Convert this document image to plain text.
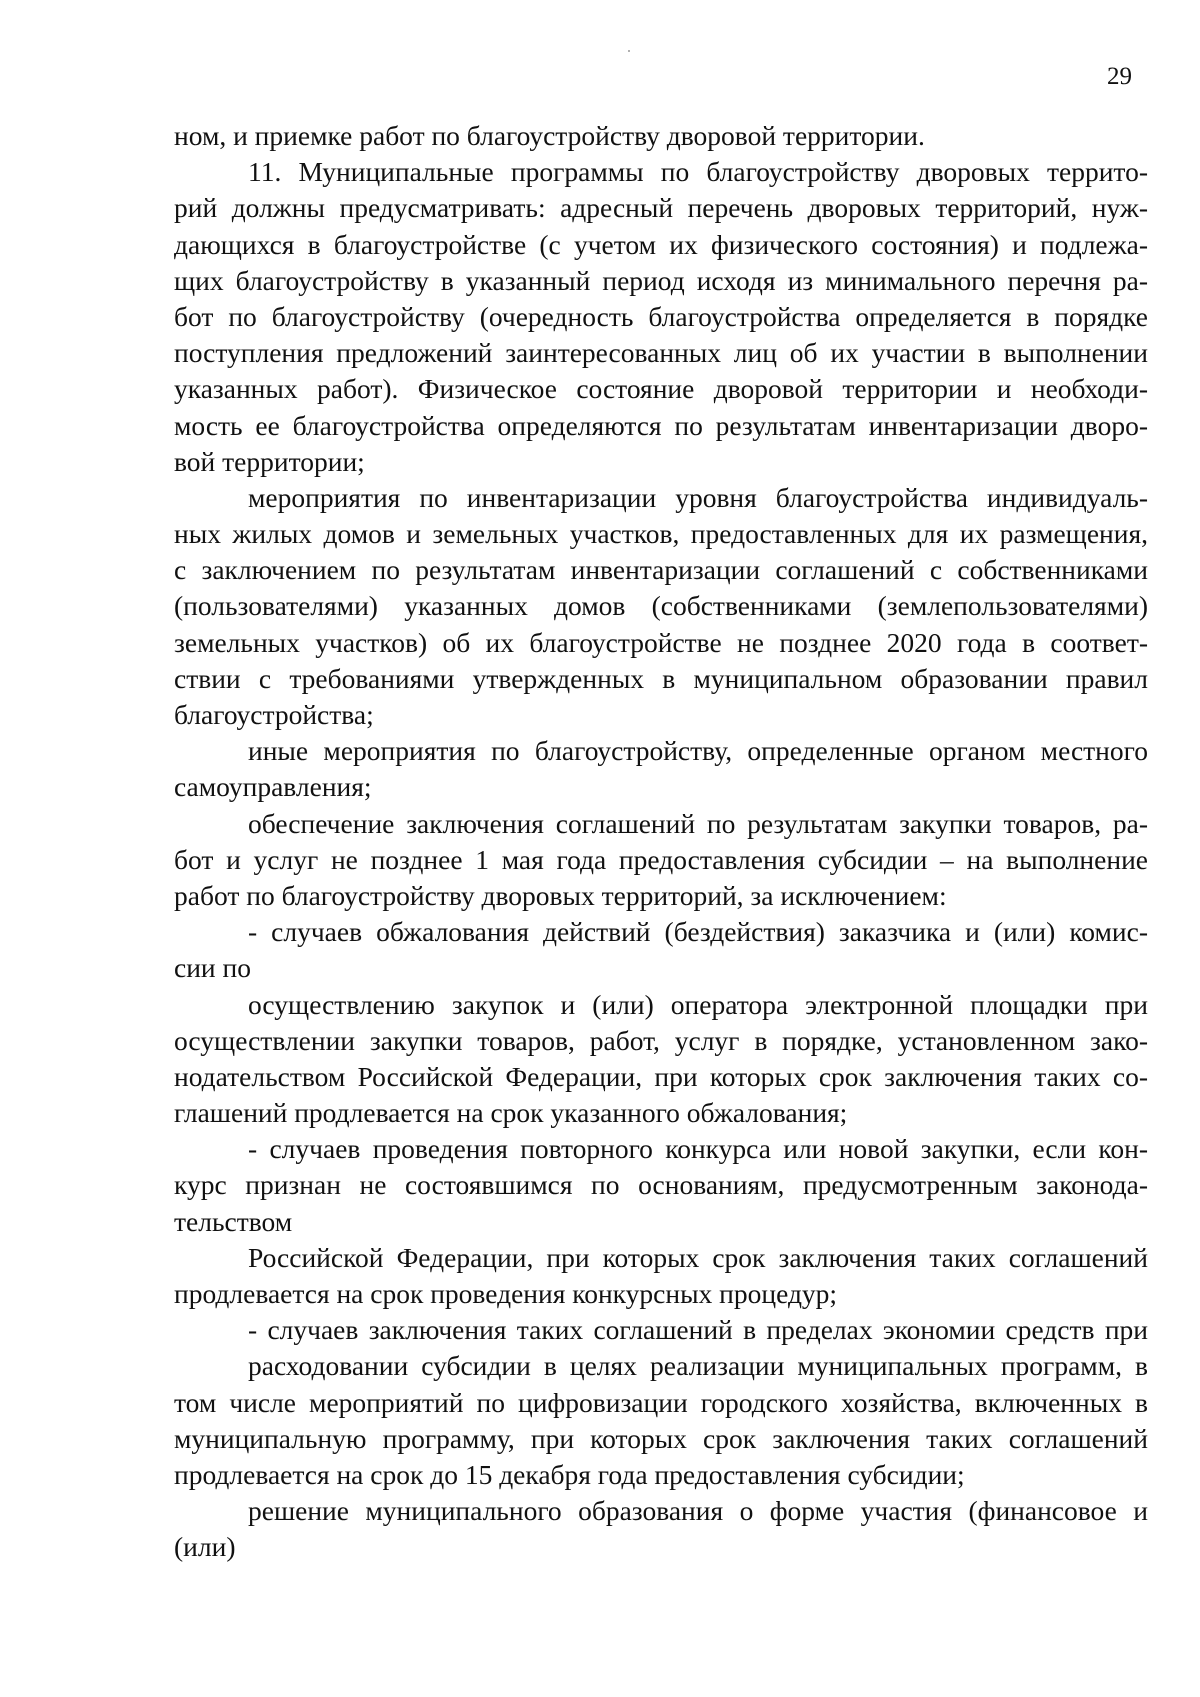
29
ном, и приемке работ по благоустройству дворовой территории.
11. Муниципальные программы по благоустройству дворовых террито-
рий должны предусматривать: адресный перечень дворовых территорий, нуж-
дающихся в благоустройстве (с учетом их физического состояния) и подлежа-
щих благоустройству в указанный период исходя из минимального перечня ра-
бот по благоустройству (очередность благоустройства определяется в порядке
поступления предложений заинтересованных лиц об их участии в выполнении
указанных работ). Физическое состояние дворовой территории и необходи-
мость ее благоустройства определяются по результатам инвентаризации дворо-
вой территории;
мероприятия по инвентаризации уровня благоустройства индивидуаль-
ных жилых домов и земельных участков, предоставленных для их размещения,
с заключением по результатам инвентаризации соглашений с собственниками
(пользователями) указанных домов (собственниками (землепользователями)
земельных участков) об их благоустройстве не позднее 2020 года в соответ-
ствии с требованиями утвержденных в муниципальном образовании правил
благоустройства;
иные мероприятия по благоустройству, определенные органом местного
самоуправления;
обеспечение заключения соглашений по результатам закупки товаров, ра-
бот и услуг не позднее 1 мая года предоставления субсидии – на выполнение
работ по благоустройству дворовых территорий, за исключением:
- случаев обжалования действий (бездействия) заказчика и (или) комис-
сии по
осуществлению закупок и (или) оператора электронной площадки при
осуществлении закупки товаров, работ, услуг в порядке, установленном зако-
нодательством Российской Федерации, при которых срок заключения таких со-
глашений продлевается на срок указанного обжалования;
- случаев проведения повторного конкурса или новой закупки, если кон-
курс признан не состоявшимся по основаниям, предусмотренным законода-
тельством
Российской Федерации, при которых срок заключения таких соглашений
продлевается на срок проведения конкурсных процедур;
- случаев заключения таких соглашений в пределах экономии средств при
расходовании субсидии в целях реализации муниципальных программ, в
том числе мероприятий по цифровизации городского хозяйства, включенных в
муниципальную программу, при которых срок заключения таких соглашений
продлевается на срок до 15 декабря года предоставления субсидии;
решение муниципального образования о форме участия (финансовое и
(или)
